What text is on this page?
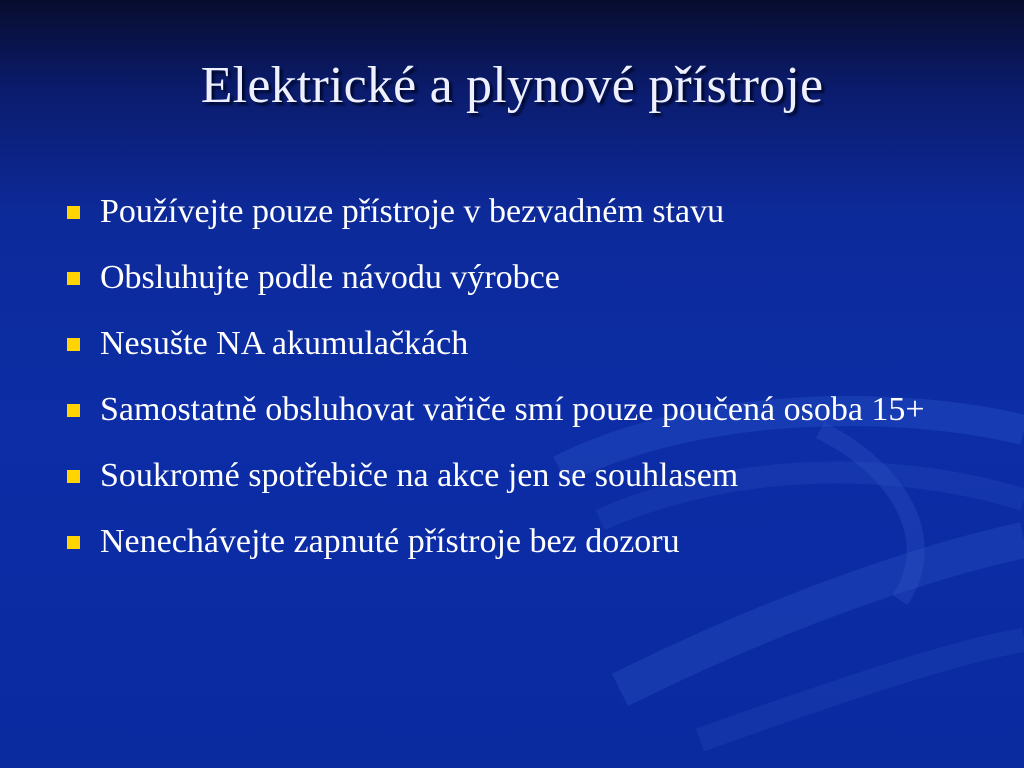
Elektrické a plynové přístroje
Používejte pouze přístroje v bezvadném stavu
Obsluhujte podle návodu výrobce
Nesušte NA akumulačkách
Samostatně obsluhovat vařiče smí pouze poučená osoba 15+
Soukromé spotřebiče na akce jen se souhlasem
Nenechávejte zapnuté přístroje bez dozoru
